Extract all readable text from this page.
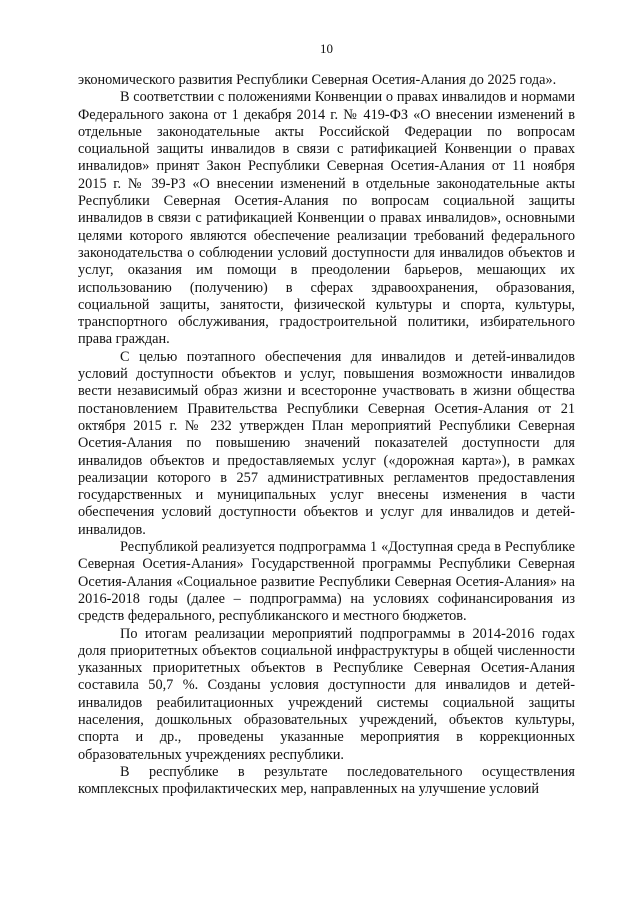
10

экономического развития Республики Северная Осетия-Алания до 2025 года».

В соответствии с положениями Конвенции о правах инвалидов и нормами Федерального закона от 1 декабря 2014 г. № 419-ФЗ «О внесении изменений в отдельные законодательные акты Российской Федерации по вопросам социальной защиты инвалидов в связи с ратификацией Конвенции о правах инвалидов» принят Закон Республики Северная Осетия-Алания от 11 ноября 2015 г. № 39-РЗ «О внесении изменений в отдельные законодательные акты Республики Северная Осетия-Алания по вопросам социальной защиты инвалидов в связи с ратификацией Конвенции о правах инвалидов», основными целями которого являются обеспечение реализации требований федерального законодательства о соблюдении условий доступности для инвалидов объектов и услуг, оказания им помощи в преодолении барьеров, мешающих их использованию (получению) в сферах здравоохранения, образования, социальной защиты, занятости, физической культуры и спорта, культуры, транспортного обслуживания, градостроительной политики, избирательного права граждан.

С целью поэтапного обеспечения для инвалидов и детей-инвалидов условий доступности объектов и услуг, повышения возможности инвалидов вести независимый образ жизни и всесторонне участвовать в жизни общества постановлением Правительства Республики Северная Осетия-Алания от 21 октября 2015 г. № 232 утвержден План мероприятий Республики Северная Осетия-Алания по повышению значений показателей доступности для инвалидов объектов и предоставляемых услуг («дорожная карта»), в рамках реализации которого в 257 административных регламентов предоставления государственных и муниципальных услуг внесены изменения в части обеспечения условий доступности объектов и услуг для инвалидов и детей-инвалидов.

Республикой реализуется подпрограмма 1 «Доступная среда в Республике Северная Осетия-Алания» Государственной программы Республики Северная Осетия-Алания «Социальное развитие Республики Северная Осетия-Алания» на 2016-2018 годы (далее – подпрограмма) на условиях софинансирования из средств федерального, республиканского и местного бюджетов.

По итогам реализации мероприятий подпрограммы в 2014-2016 годах доля приоритетных объектов социальной инфраструктуры в общей численности указанных приоритетных объектов в Республике Северная Осетия-Алания составила 50,7 %. Созданы условия доступности для инвалидов и детей-инвалидов реабилитационных учреждений системы социальной защиты населения, дошкольных образовательных учреждений, объектов культуры, спорта и др., проведены указанные мероприятия в коррекционных образовательных учреждениях республики.

В республике в результате последовательного осуществления комплексных профилактических мер, направленных на улучшение условий
